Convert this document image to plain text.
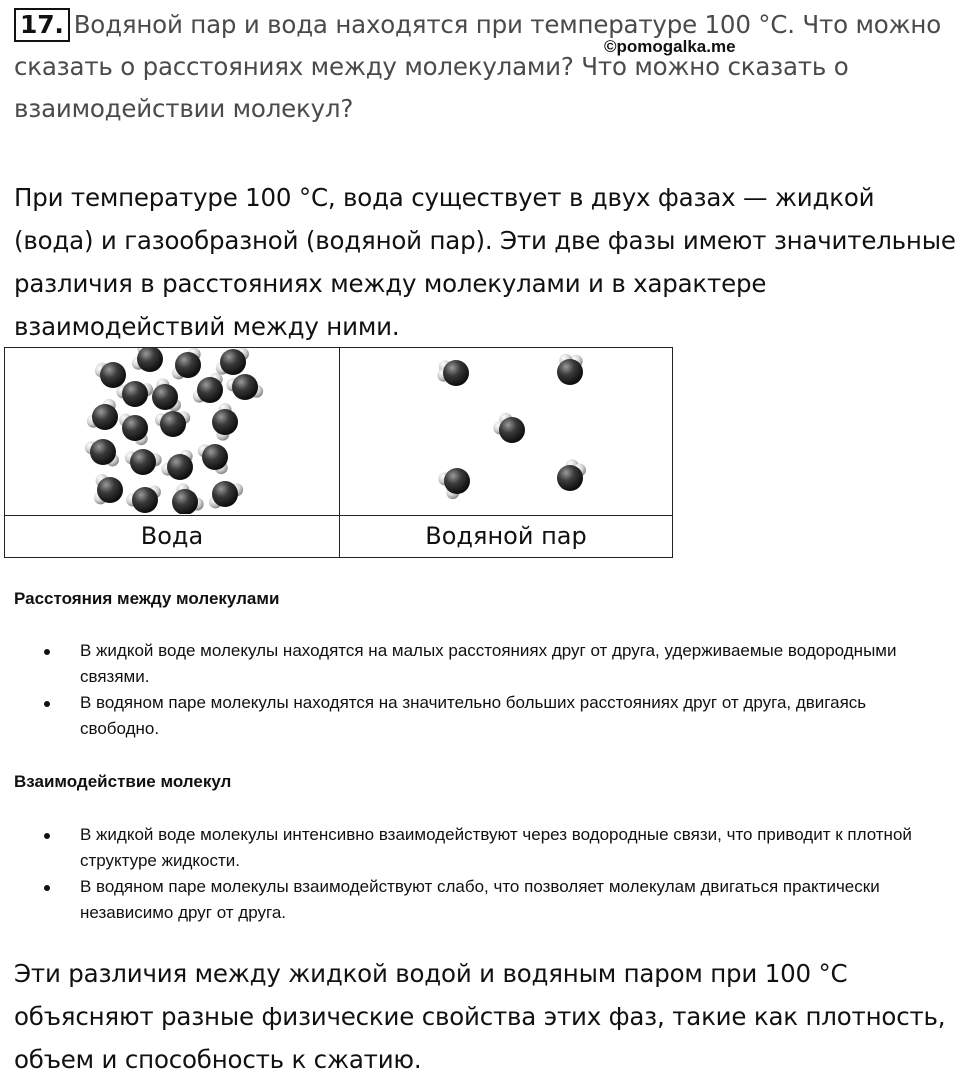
17. Водяной пар и вода находятся при температуре 100 °C. Что можно сказать о расстояниях между молекулами? Что можно сказать о взаимодействии молекул?
©pomogalka.me
При температуре 100 °C, вода существует в двух фазах — жидкой (вода) и газообразной (водяной пар). Эти две фазы имеют значительные различия в расстояниях между молекулами и в характере взаимодействий между ними.
Вода	Водяной пар
Расстояния между молекулами
В жидкой воде молекулы находятся на малых расстояниях друг от друга, удерживаемые водородными связями.
В водяном паре молекулы находятся на значительно больших расстояниях друг от друга, двигаясь свободно.
Взаимодействие молекул
В жидкой воде молекулы интенсивно взаимодействуют через водородные связи, что приводит к плотной структуре жидкости.
В водяном паре молекулы взаимодействуют слабо, что позволяет молекулам двигаться практически независимо друг от друга.
Эти различия между жидкой водой и водяным паром при 100 °C объясняют разные физические свойства этих фаз, такие как плотность, объем и способность к сжатию.
